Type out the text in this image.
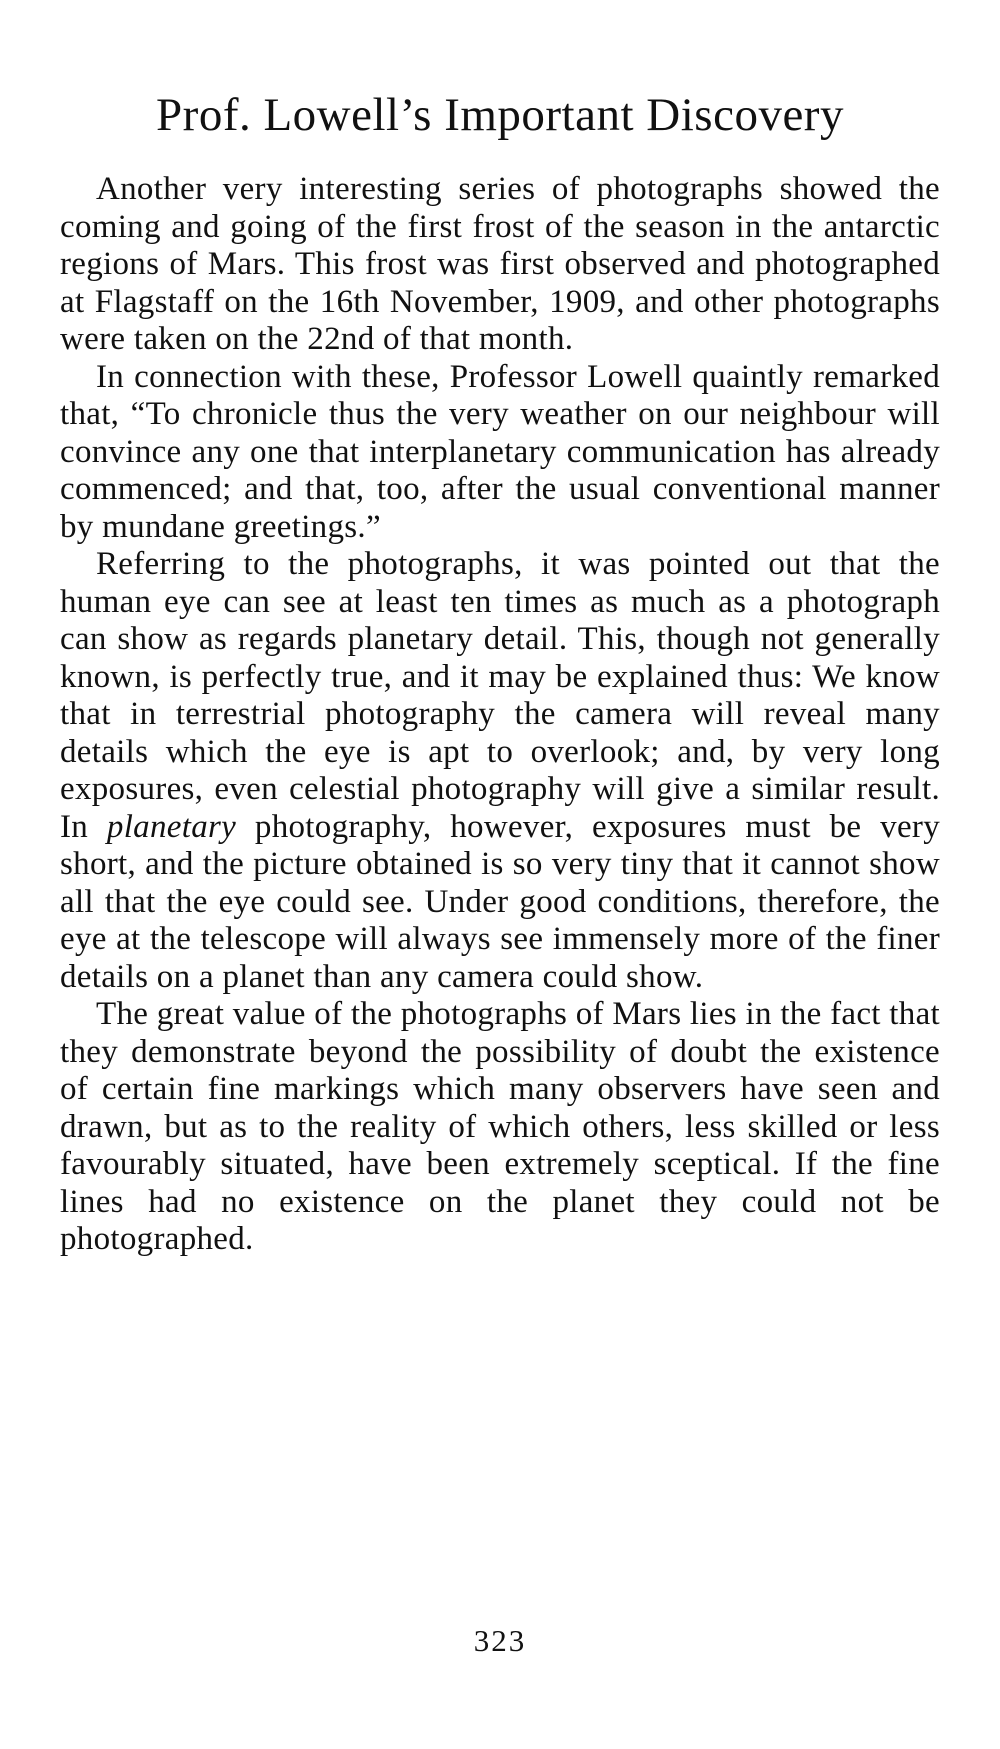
Prof. Lowell’s Important Discovery

Another very interesting series of photographs showed the coming and going of the first frost of the season in the antarctic regions of Mars. This frost was first observed and photographed at Flagstaff on the 16th November, 1909, and other photographs were taken on the 22nd of that month.

In connection with these, Professor Lowell quaintly remarked that, “To chronicle thus the very weather on our neighbour will convince any one that interplanetary communication has already commenced; and that, too, after the usual conventional manner by mundane greetings.”

Referring to the photographs, it was pointed out that the human eye can see at least ten times as much as a photograph can show as regards planetary detail. This, though not generally known, is perfectly true, and it may be explained thus: We know that in terrestrial photography the camera will reveal many details which the eye is apt to overlook; and, by very long exposures, even celestial photography will give a similar result. In planetary photography, however, exposures must be very short, and the picture obtained is so very tiny that it cannot show all that the eye could see. Under good conditions, therefore, the eye at the telescope will always see immensely more of the finer details on a planet than any camera could show.

The great value of the photographs of Mars lies in the fact that they demonstrate beyond the possibility of doubt the existence of certain fine markings which many observers have seen and drawn, but as to the reality of which others, less skilled or less favourably situated, have been extremely sceptical. If the fine lines had no existence on the planet they could not be photographed.

323
